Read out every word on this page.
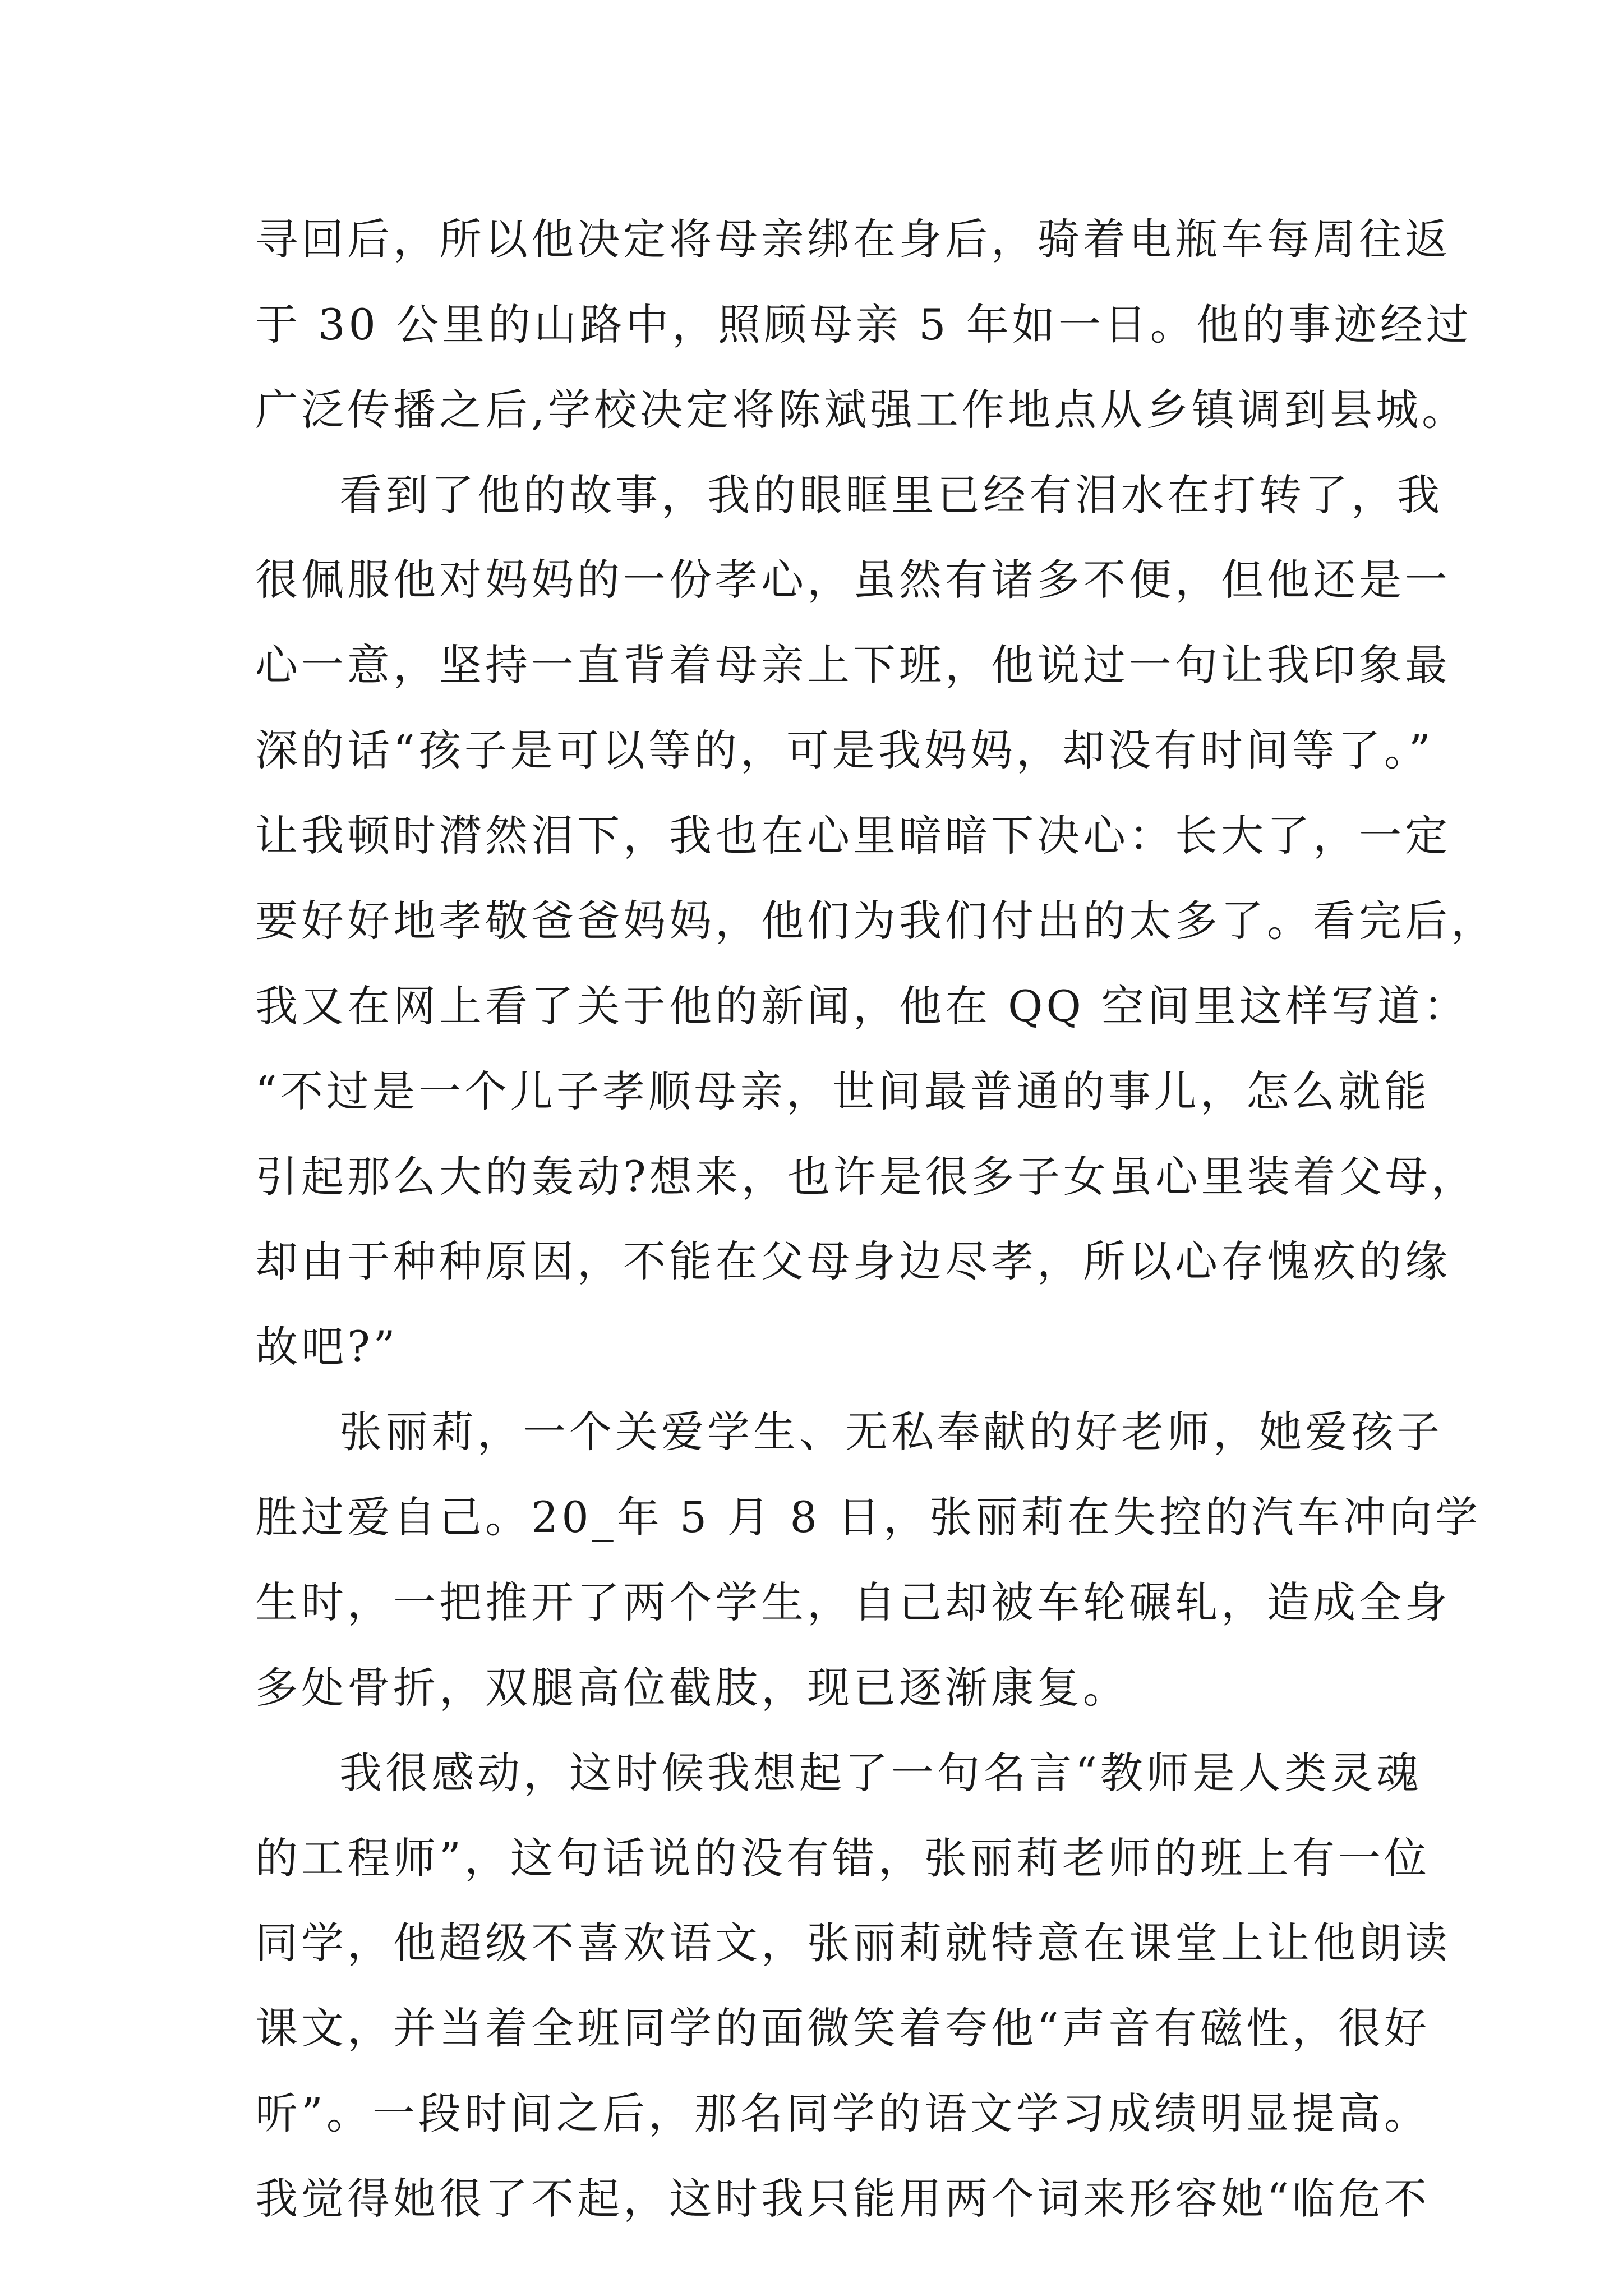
寻回后，所以他决定将母亲绑在身后，骑着电瓶车每周往返
于 30 公里的山路中，照顾母亲 5 年如一日。他的事迹经过
广泛传播之后,学校决定将陈斌强工作地点从乡镇调到县城。
看到了他的故事，我的眼眶里已经有泪水在打转了，我
很佩服他对妈妈的一份孝心，虽然有诸多不便，但他还是一
心一意，坚持一直背着母亲上下班，他说过一句让我印象最
深的话“孩子是可以等的，可是我妈妈，却没有时间等了。”
让我顿时潸然泪下，我也在心里暗暗下决心：长大了，一定
要好好地孝敬爸爸妈妈，他们为我们付出的太多了。看完后，
我又在网上看了关于他的新闻，他在 QQ 空间里这样写道：
“不过是一个儿子孝顺母亲，世间最普通的事儿，怎么就能
引起那么大的轰动?想来，也许是很多子女虽心里装着父母，
却由于种种原因，不能在父母身边尽孝，所以心存愧疚的缘
故吧?”
张丽莉，一个关爱学生、无私奉献的好老师，她爱孩子
胜过爱自己。20_年 5 月 8 日，张丽莉在失控的汽车冲向学
生时，一把推开了两个学生，自己却被车轮碾轧，造成全身
多处骨折，双腿高位截肢，现已逐渐康复。
我很感动，这时候我想起了一句名言“教师是人类灵魂
的工程师”，这句话说的没有错，张丽莉老师的班上有一位
同学，他超级不喜欢语文，张丽莉就特意在课堂上让他朗读
课文，并当着全班同学的面微笑着夸他“声音有磁性，很好
听”。一段时间之后，那名同学的语文学习成绩明显提高。
我觉得她很了不起，这时我只能用两个词来形容她“临危不
